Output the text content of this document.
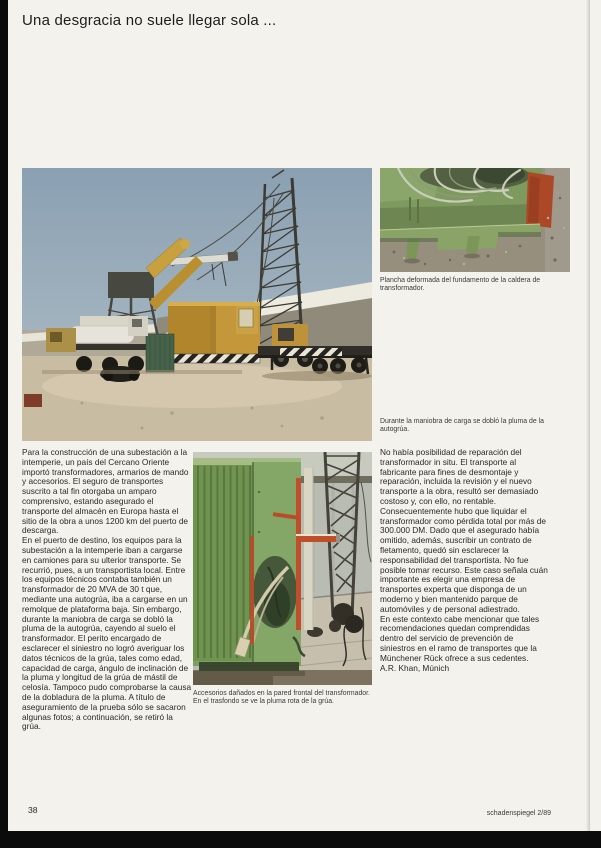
Una desgracia no suele llegar sola ...

Plancha deformada del fundamento de la caldera de transformador.

Durante la maniobra de carga se dobló la pluma de la autogrúa.

Accesorios dañados en la pared frontal del transformador. En el trasfondo se ve la pluma rota de la grúa.

Para la construcción de una subestación a la intemperie, un país del Cercano Oriente importó transformadores, armarios de mando y accesorios. El seguro de transportes suscrito a tal fin otorgaba un amparo comprensivo, estando asegurado el transporte del almacén en Europa hasta el sitio de la obra a unos 1200 km del puerto de descarga.

En el puerto de destino, los equipos para la subestación a la intemperie iban a cargarse en camiones para su ulterior transporte. Se recurrió, pues, a un transportista local. Entre los equipos técnicos contaba también un transformador de 20 MVA de 30 t que, mediante una autogrúa, iba a cargarse en un remolque de plataforma baja. Sin embargo, durante la maniobra de carga se dobló la pluma de la autogrúa, cayendo al suelo el transformador. El perito encargado de esclarecer el siniestro no logró averiguar los datos técnicos de la grúa, tales como edad, capacidad de carga, ángulo de inclinación de la pluma y longitud de la grúa de mástil de celosía. Tampoco pudo comprobarse la causa de la dobladura de la pluma. A título de aseguramiento de la prueba sólo se sacaron algunas fotos; a continuación, se retiró la grúa.

No había posibilidad de reparación del transformador in situ. El transporte al fabricante para fines de desmontaje y reparación, incluida la revisión y el nuevo transporte a la obra, resultó ser demasiado costoso y, con ello, no rentable. Consecuentemente hubo que liquidar el transformador como pérdida total por más de 300.000 DM. Dado que el asegurado había omitido, además, suscribir un contrato de fletamento, quedó sin esclarecer la responsabilidad del transportista. No fue posible tomar recurso. Este caso señala cuán importante es elegir una empresa de transportes experta que disponga de un moderno y bien mantenido parque de automóviles y de personal adiestrado.

En este contexto cabe mencionar que tales recomendaciones quedan comprendidas dentro del servicio de prevención de siniestros en el ramo de transportes que la Münchener Rück ofrece a sus cedentes.

A.R. Khan, Múnich

38	schadenspiegel 2/89
